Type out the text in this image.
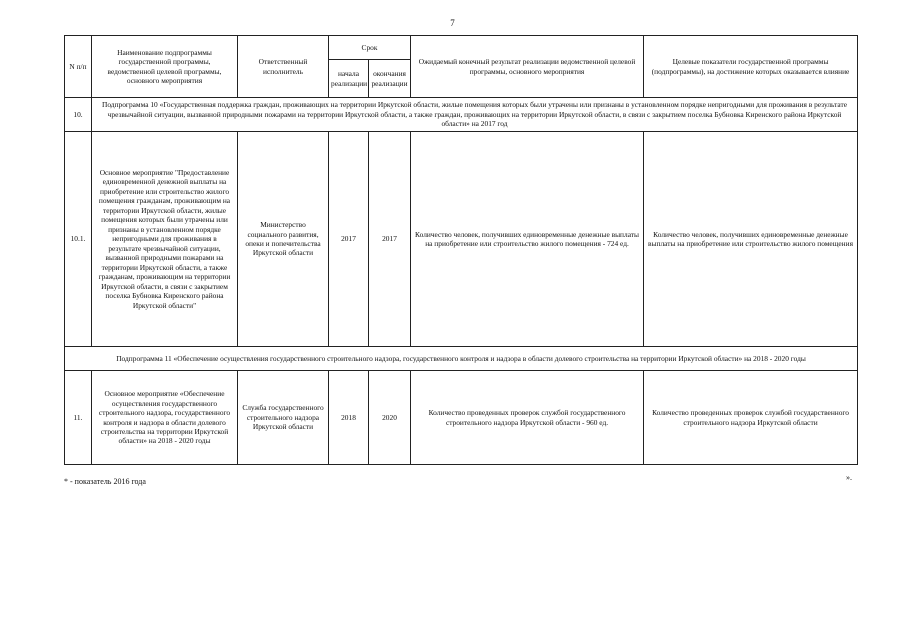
7
N п/п	Наименование подпрограммы государственной программы, ведомственной целевой программы, основного мероприятия	Ответственный исполнитель	Срок		Ожидаемый конечный результат реализации ведомственной целевой программы, основного мероприятия	Целевые показатели государственной программы (подпрограммы), на достижение которых оказывается влияние
			начала реализации	окончания реализации		
10.	Подпрограмма 10 «Государственная поддержка граждан, проживающих на территории Иркутской области, жилые помещения которых были утрачены или признаны в установленном порядке непригодными для проживания в результате чрезвычайной ситуации, вызванной природными пожарами на территории Иркутской области, а также граждан, проживающих на территории Иркутской области, в связи с закрытием поселка Бубновка Киренского района Иркутской области» на 2017 год					
10.1.	Основное мероприятие "Предоставление единовременной денежной выплаты на приобретение или строительство жилого помещения гражданам, проживающим на территории Иркутской области, жилые помещения которых были утрачены или признаны в установленном порядке непригодными для проживания в результате чрезвычайной ситуации, вызванной природными пожарами на территории Иркутской области, а также гражданам, проживающим на территории Иркутской области, в связи с закрытием поселка Бубновка Киренского района Иркутской области"	Министерство социального развития, опеки и попечительства Иркутской области	2017	2017	Количество человек, получивших единовременные денежные выплаты на приобретение или строительство жилого помещения - 724 ед.	Количество человек, получивших единовременные денежные выплаты на приобретение или строительство жилого помещения
Подпрограмма 11 «Обеспечение осуществления государственного строительного надзора, государственного контроля и надзора в области долевого строительства на территории Иркутской области» на 2018 - 2020 годы						
11.	Основное мероприятие «Обеспечение осуществления государственного строительного надзора, государственного контроля и надзора в области долевого строительства на территории Иркутской области» на 2018 - 2020 годы	Служба государственного строительного надзора Иркутской области	2018	2020	Количество проведенных проверок службой государственного строительного надзора Иркутской области - 960 ед.	Количество проведенных проверок службой государственного строительного надзора Иркутской области
* - показатель 2016 года	».
